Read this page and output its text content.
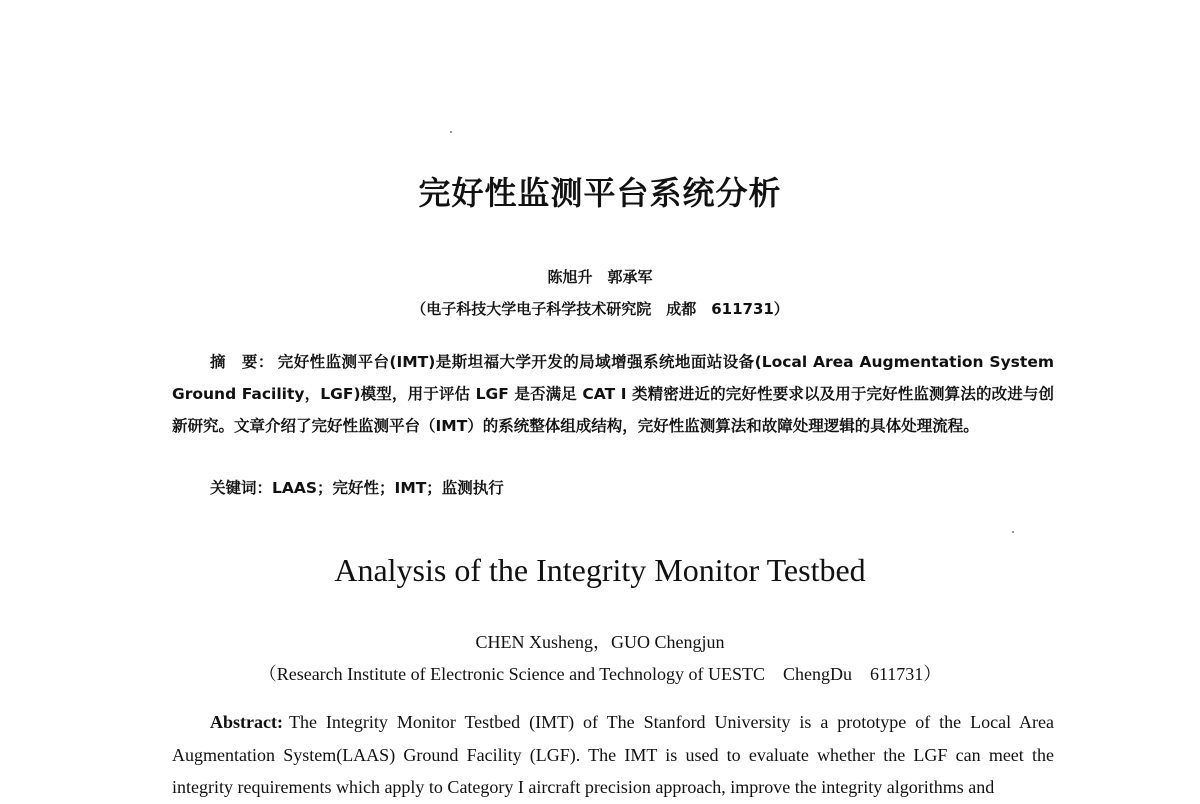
完好性监测平台系统分析
陈旭升　郭承军
（电子科技大学电子科学技术研究院　成都　611731）
摘　要： 完好性监测平台(IMT)是斯坦福大学开发的局域增强系统地面站设备(Local Area Augmentation System Ground Facility，LGF)模型，用于评估 LGF 是否满足 CAT I 类精密进近的完好性要求以及用于完好性监测算法的改进与创新研究。文章介绍了完好性监测平台（IMT）的系统整体组成结构，完好性监测算法和故障处理逻辑的具体处理流程。
关键词：LAAS；完好性；IMT；监测执行
Analysis of the Integrity Monitor Testbed
CHEN Xusheng，GUO Chengjun
（Research Institute of Electronic Science and Technology of UESTC　ChengDu　611731）
Abstract: The Integrity Monitor Testbed (IMT) of The Stanford University is a prototype of the Local Area Augmentation System(LAAS) Ground Facility (LGF). The IMT is used to evaluate whether the LGF can meet the integrity requirements which apply to Category I aircraft precision approach, improve the integrity algorithms and
